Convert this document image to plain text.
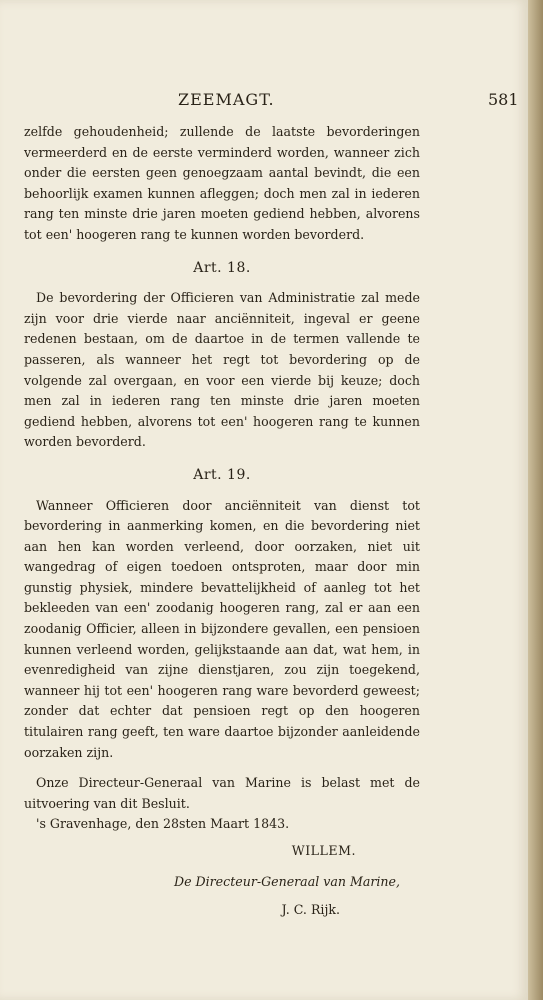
ZEEMAGT.	581

zelfde gehoudenheid; zullende de laatste bevorderingen vermeerderd en de eerste verminderd worden, wanneer zich onder die eersten geen genoegzaam aantal bevindt, die een behoorlijk examen kunnen afleggen; doch men zal in iederen rang ten minste drie jaren moeten gediend hebben, alvorens tot een' hoogeren rang te kunnen worden bevorderd.

Art. 18.

De bevordering der Officieren van Administratie zal mede zijn voor drie vierde naar anciënniteit, ingeval er geene redenen bestaan, om de daartoe in de termen vallende te passeren, als wanneer het regt tot bevordering op de volgende zal overgaan, en voor een vierde bij keuze; doch men zal in iederen rang ten minste drie jaren moeten gediend hebben, alvorens tot een' hoogeren rang te kunnen worden bevorderd.

Art. 19.

Wanneer Officieren door anciënniteit van dienst tot bevordering in aanmerking komen, en die bevordering niet aan hen kan worden verleend, door oorzaken, niet uit wangedrag of eigen toedoen ontsproten, maar door min gunstig physiek, mindere bevattelijkheid of aanleg tot het bekleeden van een' zoodanig hoogeren rang, zal er aan een zoodanig Officier, alleen in bijzondere gevallen, een pensioen kunnen verleend worden, gelijkstaande aan dat, wat hem, in evenredigheid van zijne dienstjaren, zou zijn toegekend, wanneer hij tot een' hoogeren rang ware bevorderd geweest; zonder dat echter dat pensioen regt op den hoogeren titulairen rang geeft, ten ware daartoe bijzonder aanleidende oorzaken zijn.

Onze Directeur-Generaal van Marine is belast met de uitvoering van dit Besluit.

's Gravenhage, den 28sten Maart 1843.

WILLEM.
De Directeur-Generaal van Marine,
J. C. Rijk.
